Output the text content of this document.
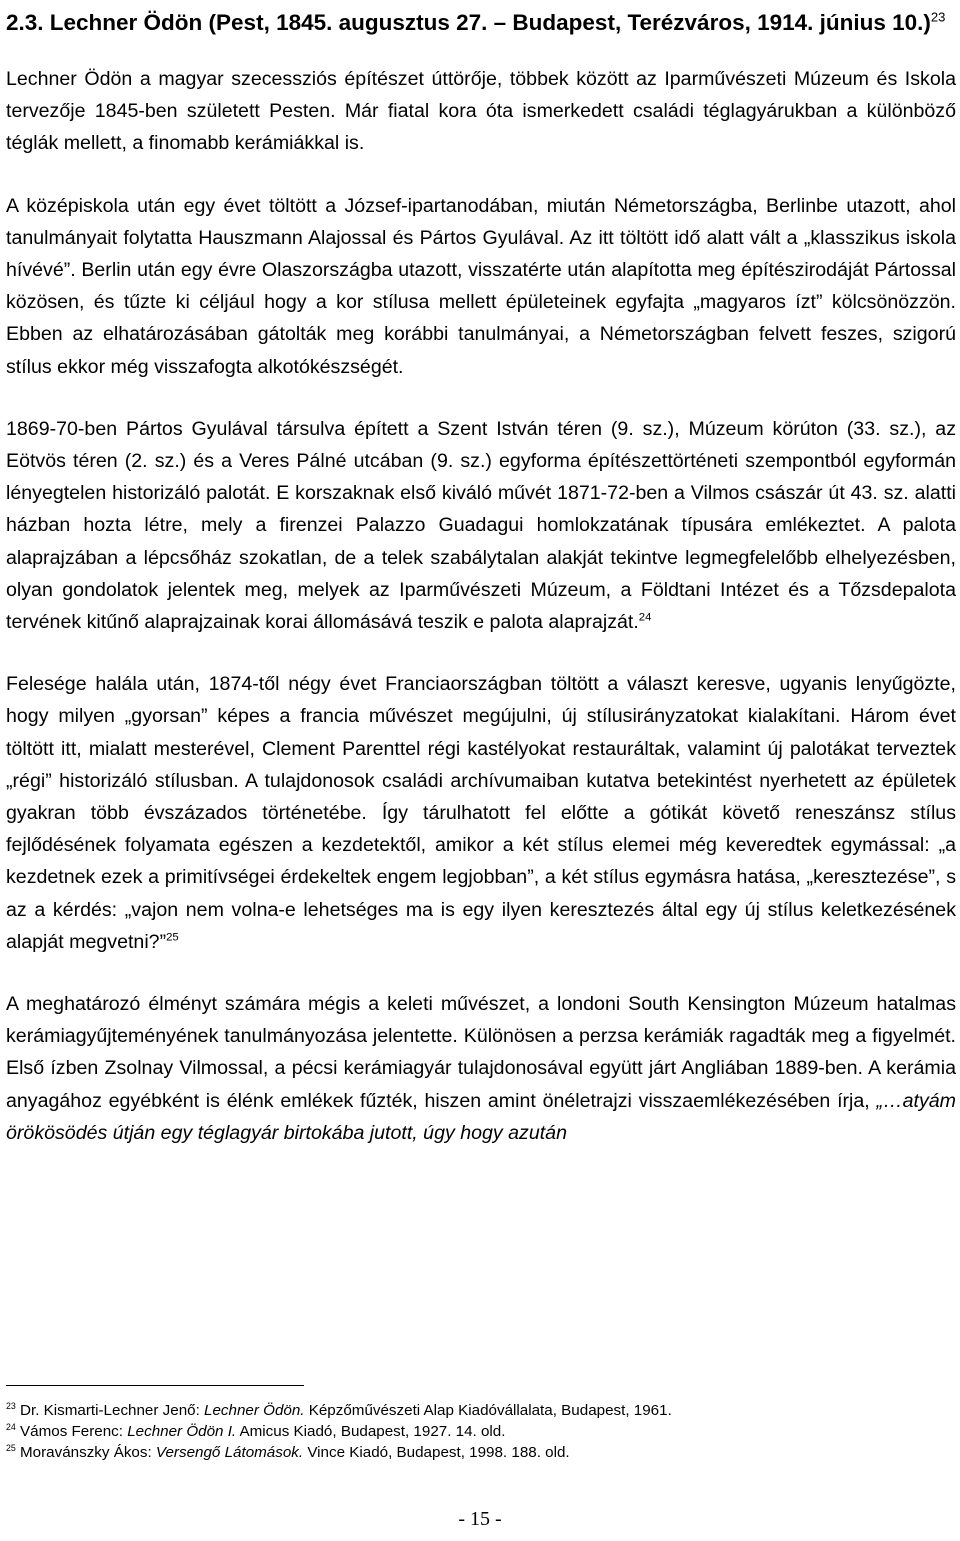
2.3. Lechner Ödön (Pest, 1845. augusztus 27. – Budapest, Terézváros, 1914. június 10.)$^{23}$

Lechner Ödön a magyar szecessziós építészet úttörője, többek között az Iparművészeti Múzeum és Iskola tervezője 1845-ben született Pesten. Már fiatal kora óta ismerkedett családi téglagyárukban a különböző téglák mellett, a finomabb kerámiákkal is.

A középiskola után egy évet töltött a József-ipartanodában, miután Németországba, Berlinbe utazott, ahol tanulmányait folytatta Hauszmann Alajossal és Pártos Gyulával. Az itt töltött idő alatt vált a „klasszikus iskola hívévé”. Berlin után egy évre Olaszországba utazott, visszatérte után alapította meg építészirodáját Pártossal közösen, és tűzte ki céljául hogy a kor stílusa mellett épületeinek egyfajta „magyaros ízt” kölcsönözzön. Ebben az elhatározásában gátolták meg korábbi tanulmányai, a Németországban felvett feszes, szigorú stílus ekkor még visszafogta alkotókészségét.

1869-70-ben Pártos Gyulával társulva épített a Szent István téren (9. sz.), Múzeum körúton (33. sz.), az Eötvös téren (2. sz.) és a Veres Pálné utcában (9. sz.) egyforma építészettörténeti szempontból egyformán lényegtelen historizáló palotát. E korszaknak első kiváló művét 1871-72-ben a Vilmos császár út 43. sz. alatti házban hozta létre, mely a firenzei Palazzo Guadagui homlokzatának típusára emlékeztet. A palota alaprajzában a lépcsőház szokatlan, de a telek szabálytalan alakját tekintve legmegfelelőbb elhelyezésben, olyan gondolatok jelentek meg, melyek az Iparművészeti Múzeum, a Földtani Intézet és a Tőzsdepalota tervének kitűnő alaprajzainak korai állomásává teszik e palota alaprajzát.$^{24}$

Felesége halála után, 1874-től négy évet Franciaországban töltött a választ keresve, ugyanis lenyűgözte, hogy milyen „gyorsan” képes a francia művészet megújulni, új stílusirányzatokat kialakítani. Három évet töltött itt, mialatt mesterével, Clement Parenttel régi kastélyokat restauráltak, valamint új palotákat terveztek „régi” historizáló stílusban. A tulajdonosok családi archívumaiban kutatva betekintést nyerhetett az épületek gyakran több évszázados történetébe. Így tárulhatott fel előtte a gótikát követő reneszánsz stílus fejlődésének folyamata egészen a kezdetektől, amikor a két stílus elemei még keveredtek egymással: „a kezdetnek ezek a primitívségei érdekeltek engem legjobban”, a két stílus egymásra hatása, „keresztezése”, s az a kérdés: „vajon nem volna-e lehetséges ma is egy ilyen keresztezés által egy új stílus keletkezésének alapját megvetni?”$^{25}$

A meghatározó élményt számára mégis a keleti művészet, a londoni South Kensington Múzeum hatalmas kerámiagyűjteményének tanulmányozása jelentette. Különösen a perzsa kerámiák ragadták meg a figyelmét. Első ízben Zsolnay Vilmossal, a pécsi kerámiagyár tulajdonosával együtt járt Angliában 1889-ben. A kerámia anyagához egyébként is élénk emlékek fűzték, hiszen amint önéletrajzi visszaemlékezésében írja, „…atyám örökösödés útján egy téglagyár birtokába jutott, úgy hogy azután

$^{23}$ Dr. Kismarti-Lechner Jenő: Lechner Ödön. Képzőművészeti Alap Kiadóvállalata, Budapest, 1961.

$^{24}$ Vámos Ferenc: Lechner Ödön I. Amicus Kiadó, Budapest, 1927. 14. old.

$^{25}$ Moravánszky Ákos: Versengő Látomások. Vince Kiadó, Budapest, 1998. 188. old.

- 15 -
